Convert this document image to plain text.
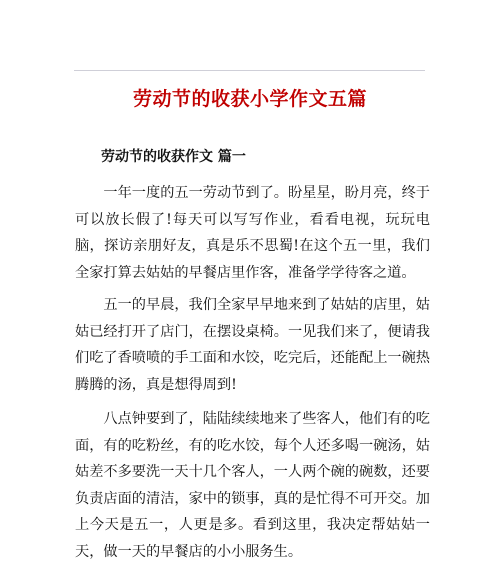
劳动节的收获小学作文五篇
劳动节的收获作文 篇一

一年一度的五一劳动节到了。盼星星，盼月亮，终于可以放长假了!每天可以写写作业，看看电视，玩玩电脑，探访亲朋好友，真是乐不思蜀!在这个五一里，我们全家打算去姑姑的早餐店里作客，准备学学待客之道。

五一的早晨，我们全家早早地来到了姑姑的店里，姑姑已经打开了店门，在摆设桌椅。一见我们来了，便请我们吃了香喷喷的手工面和水饺，吃完后，还能配上一碗热腾腾的汤，真是想得周到!

八点钟要到了，陆陆续续地来了些客人，他们有的吃面，有的吃粉丝，有的吃水饺，每个人还多喝一碗汤，姑姑差不多要洗一天十几个客人，一人两个碗的碗数，还要负责店面的清洁，家中的锁事，真的是忙得不可开交。加上今天是五一，人更是多。看到这里，我决定帮姑姑一天，做一天的早餐店的小小服务生。
